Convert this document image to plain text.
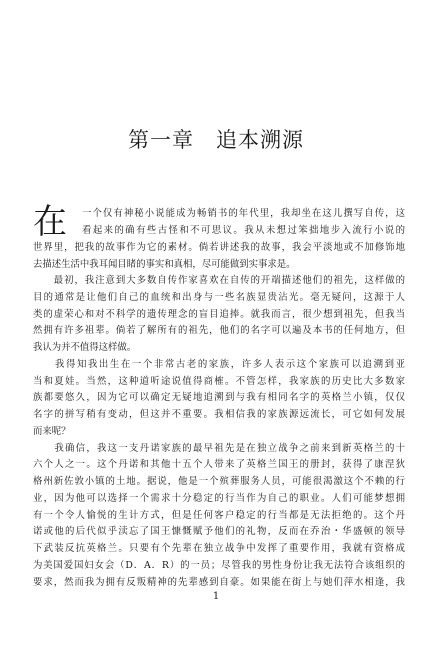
第一章　追本溯源
在 一个仅有神秘小说能成为畅销书的年代里，我却坐在这儿撰写自传，这

看起来的确有些古怪和不可思议。我从未想过笨拙地步入流行小说的

世界里，把我的故事作为它的素材。倘若讲述我的故事，我会平淡地或不加修饰地

去描述生活中我耳闻目睹的事实和真相，尽可能做到实事求是。

　　最初，我注意到大多数自传作家喜欢在自传的开端描述他们的祖先，这样做的

目的通常是让他们自己的血统和出身与一些名族显贵沾光。毫无疑问，这源于人

类的虚荣心和对不科学的遗传理念的盲目追捧。就我而言，很少想到祖先，但我当

然拥有许多祖辈。倘若了解所有的祖先，他们的名字可以遍及本书的任何地方，但

我认为并不值得这样做。

　　我得知我出生在一个非常古老的家族，许多人表示这个家族可以追溯到亚

当和夏娃。当然，这种道听途说值得商榷。不管怎样，我家族的历史比大多数家

族都要悠久，因为它可以确定无疑地追溯到与我有相同名字的英格兰小镇，仅仅

名字的拼写稍有变动，但这并不重要。我相信我的家族源远流长，可它如何发展

而来呢？

　　我确信，我这一支丹诺家族的最早祖先是在独立战争之前来到新英格兰的十

六个人之一。这个丹诺和其他十五个人带来了英格兰国王的册封，获得了康涅狄

格州新佐敦小镇的土地。据说，他是一个殡葬服务人员，可能很渴激这个不赖的行

业，因为他可以选择一个需求十分稳定的行当作为自己的职业。人们可能梦想拥

有一个令人愉悦的生计方式，但是任何客户稳定的行当都是无法拒绝的。这个丹

诺或他的后代似乎渎忘了国王慷慨赋予他们的礼物，反而在乔治・华盛顿的领导

下武装反抗英格兰。只要有个先辈在独立战争中发挥了重要作用，我就有资格成

为美国爱国妇女会（D．A．R）的一员；尽管我的男性身份让我无法符合该组织的

要求，然而我为拥有反叛精神的先辈感到自豪。如果能在街上与她们萍水相逢，我

1
